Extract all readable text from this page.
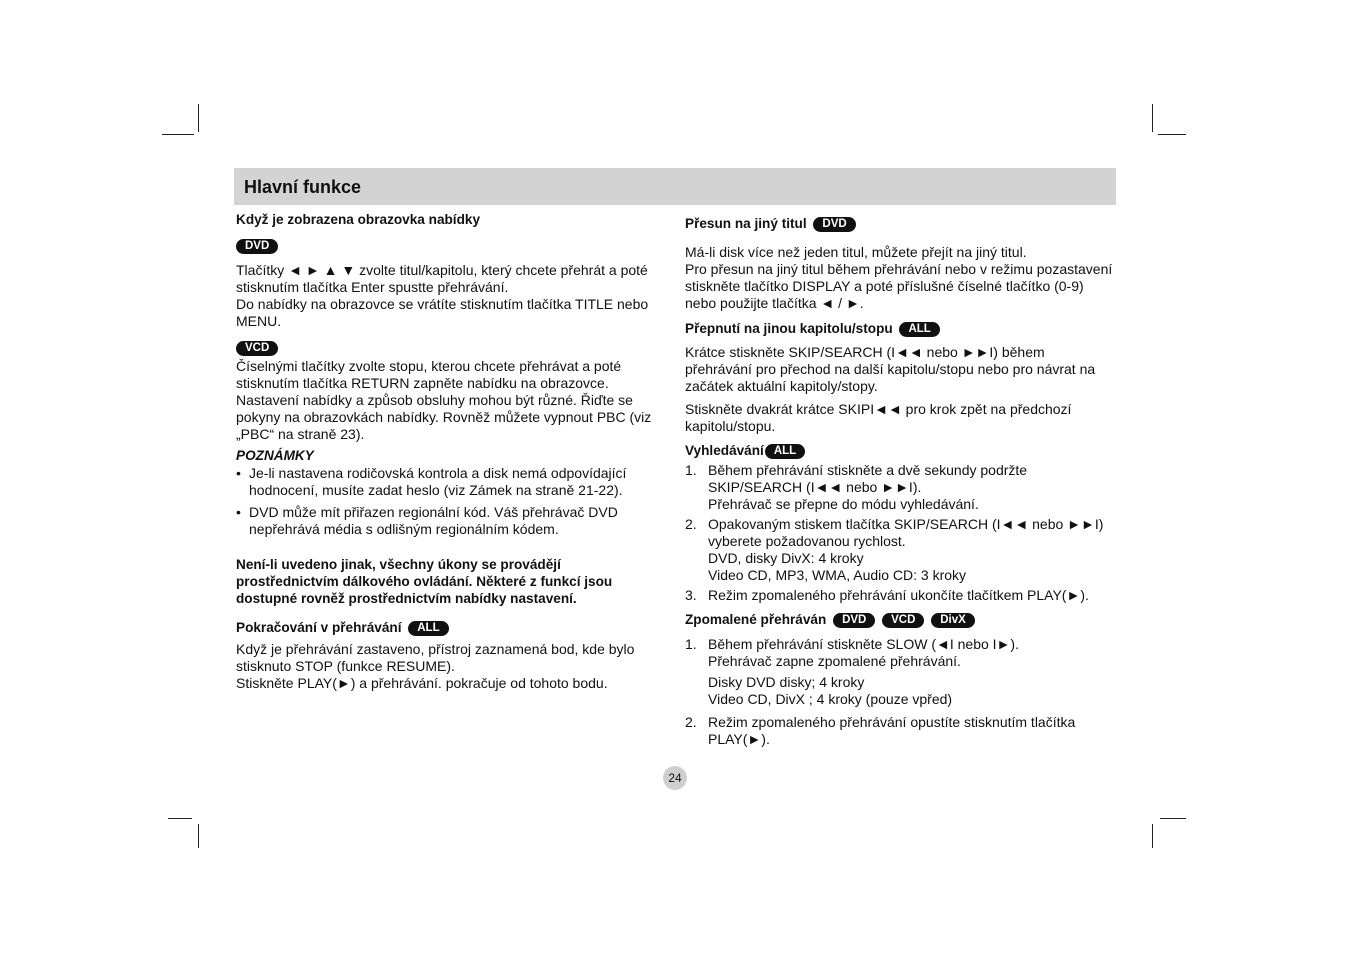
Hlavní funkce

Když je zobrazena obrazovka nabídky

DVD

Tlačítky ◄ ► ▲ ▼ zvolte titul/kapitolu, který chcete přehrát a poté stisknutím tlačítka Enter spustte přehrávání.

Do nabídky na obrazovce se vrátíte stisknutím tlačítka TITLE nebo MENU.

VCD

Číselnými tlačítky zvolte stopu, kterou chcete přehrávat a poté stisknutím tlačítka RETURN zapněte nabídku na obrazovce. Nastavení nabídky a způsob obsluhy mohou být různé. Řiďte se pokyny na obrazovkách nabídky. Rovněž můžete vypnout PBC (viz „PBC“ na straně 23).

POZNÁMKY

• Je-li nastavena rodičovská kontrola a disk nemá odpovídající hodnocení, musíte zadat heslo (viz Zámek na straně 21-22).
• DVD může mít přiřazen regionální kód. Váš přehrávač DVD nepřehrává média s odlišným regionálním kódem.

Není-li uvedeno jinak, všechny úkony se provádějí prostřednictvím dálkového ovládání. Některé z funkcí jsou dostupné rovněž prostřednictvím nabídky nastavení.

Pokračování v přehrávání ALL

Když je přehrávání zastaveno, přístroj zaznamená bod, kde bylo stisknuto STOP (funkce RESUME).

Stiskněte PLAY(►) a přehrávání. pokračuje od tohoto bodu.

Přesun na jiný titul DVD

Má-li disk více než jeden titul, můžete přejít na jiný titul.

Pro přesun na jiný titul během přehrávání nebo v režimu pozastavení stiskněte tlačítko DISPLAY a poté příslušné číselné tlačítko (0-9) nebo použijte tlačítka ◄ / ►.

Přepnutí na jinou kapitolu/stopu ALL

Krátce stiskněte SKIP/SEARCH (I◄◄ nebo ►►I) během přehrávání pro přechod na další kapitolu/stopu nebo pro návrat na začátek aktuální kapitoly/stopy.

Stiskněte dvakrát krátce SKIPI◄◄ pro krok zpět na předchozí kapitolu/stopu.

Vyhledávání ALL

1. Během přehrávání stiskněte a dvě sekundy podržte SKIP/SEARCH (I◄◄ nebo ►►I).
Přehrávač se přepne do módu vyhledávání.
2. Opakovaným stiskem tlačítka SKIP/SEARCH (I◄◄ nebo ►►I) vyberete požadovanou rychlost.
DVD, disky DivX: 4 kroky
Video CD, MP3, WMA, Audio CD: 3 kroky
3. Režim zpomaleného přehrávání ukončíte tlačítkem PLAY(►).

Zpomalené přehráván DVD VCD DivX

1. Během přehrávání stiskněte SLOW (◄I nebo I►).
Přehrávač zapne zpomalené přehrávání.
Disky DVD disky; 4 kroky
Video CD, DivX ; 4 kroky (pouze vpřed)
2. Režim zpomaleného přehrávání opustíte stisknutím tlačítka PLAY(►).
24
